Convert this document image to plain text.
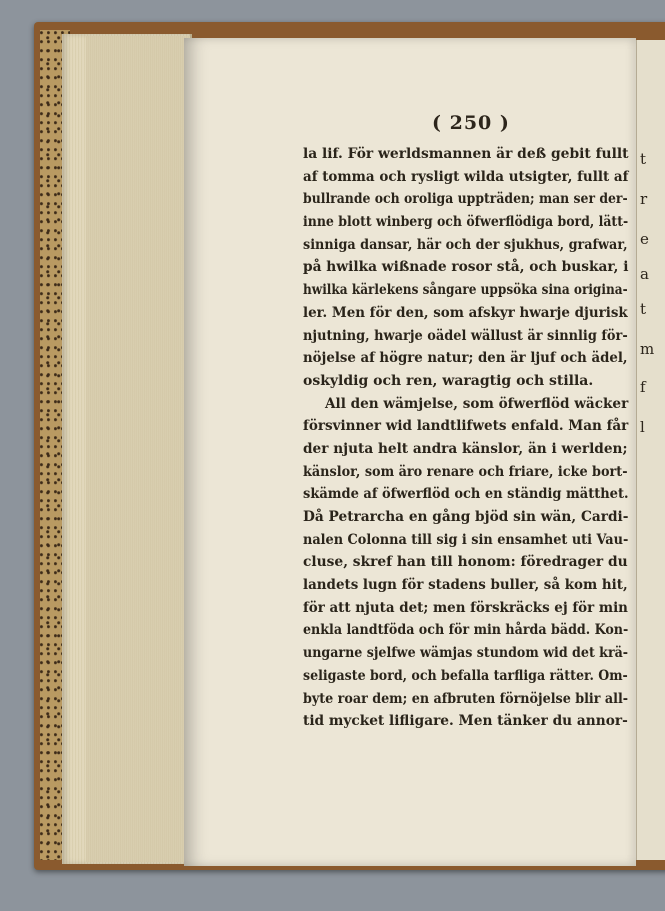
t
r
e
a
t
m
f
l
( 250 )
la lif. För werldsmannen är deß gebit fullt
af tomma och rysligt wilda utsigter, fullt af
bullrande och oroliga uppträden; man ser der-
inne blott winberg och öfwerflödiga bord, lätt-
sinniga dansar, här och der sjukhus, grafwar,
på hwilka wißnade rosor stå, och buskar, i
hwilka kärlekens sångare uppsöka sina origina-
ler. Men för den, som afskyr hwarje djurisk
njutning, hwarje oädel wällust är sinnlig för-
nöjelse af högre natur; den är ljuf och ädel,
oskyldig och ren, waragtig och stilla.
All den wämjelse, som öfwerflöd wäcker
försvinner wid landtlifwets enfald. Man får
der njuta helt andra känslor, än i werlden;
känslor, som äro renare och friare, icke bort-
skämde af öfwerflöd och en ständig mätthet.
Då Petrarcha en gång bjöd sin wän, Cardi-
nalen Colonna till sig i sin ensamhet uti Vau-
cluse, skref han till honom: föredrager du
landets lugn för stadens buller, så kom hit,
för att njuta det; men förskräcks ej för min
enkla landtföda och för min hårda bädd. Kon-
ungarne sjelfwe wämjas stundom wid det krä-
seligaste bord, och befalla tarfliga rätter. Om-
byte roar dem; en afbruten förnöjelse blir all-
tid mycket lifligare. Men tänker du annor-
